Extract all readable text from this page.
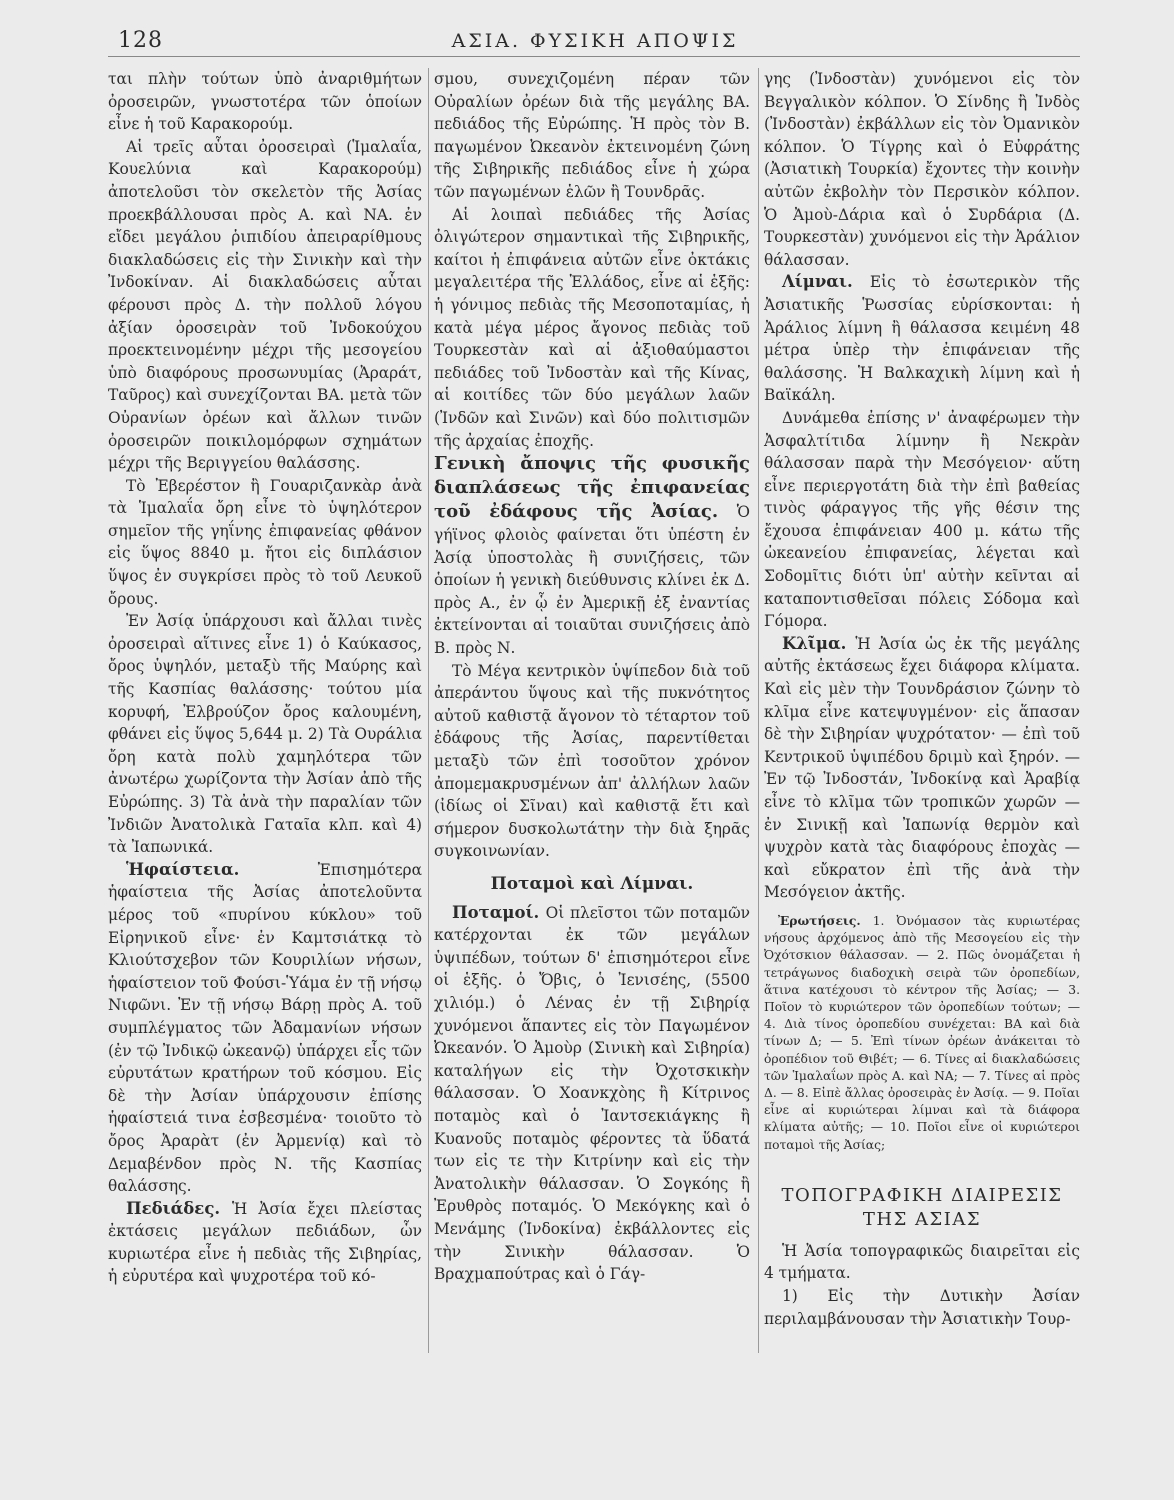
128	ΑΣΙΑ. ΦΥΣΙΚΗ ΑΠΟΨΙΣ

ται πλὴν τούτων ὑπὸ ἀναριθμήτων ὀροσειρῶν, γνωστοτέρα τῶν ὁποίων εἶνε ἡ τοῦ Καρακορούμ.

Αἱ τρεῖς αὗται ὀροσειραὶ (Ἱμαλαΐα, Κουελύνια καὶ Καρακορούμ) ἀποτελοῦσι τὸν σκελετὸν τῆς Ἀσίας προεκβάλλουσαι πρὸς Α. καὶ ΝΑ. ἐν εἴδει μεγάλου ῥιπιδίου ἀπειραρίθμους διακλαδώσεις εἰς τὴν Σινικὴν καὶ τὴν Ἰνδοκίναν. Αἱ διακλαδώσεις αὗται φέρουσι πρὸς Δ. τὴν πολλοῦ λόγου ἀξίαν ὀροσειρὰν τοῦ Ἰνδοκούχου προεκτεινομένην μέχρι τῆς μεσογείου ὑπὸ διαφόρους προσωνυμίας (Ἀραράτ, Ταῦρος) καὶ συνεχίζονται ΒΑ. μετὰ τῶν Οὐρανίων ὀρέων καὶ ἄλλων τινῶν ὀροσειρῶν ποικιλομόρφων σχημάτων μέχρι τῆς Βεριγγείου θαλάσσης.

Τὸ Ἐβερέστον ἢ Γουαριζανκὰρ ἀνὰ τὰ Ἱμαλαΐα ὄρη εἶνε τὸ ὑψηλότερον σημεῖον τῆς γηΐνης ἐπιφανείας φθάνον εἰς ὕψος 8840 μ. ἤτοι εἰς διπλάσιον ὕψος ἐν συγκρίσει πρὸς τὸ τοῦ Λευκοῦ ὄρους.

Ἐν Ἀσίᾳ ὑπάρχουσι καὶ ἄλλαι τινὲς ὀροσειραὶ αἵτινες εἶνε 1) ὁ Καύκασος, ὄρος ὑψηλόν, μεταξὺ τῆς Μαύρης καὶ τῆς Κασπίας θαλάσσης· τούτου μία κορυφή, Ἐλβρούζον ὄρος καλουμένη, φθάνει εἰς ὕψος 5,644 μ. 2) Τὰ Ουράλια ὄρη κατὰ πολὺ χαμηλότερα τῶν ἀνωτέρω χωρίζοντα τὴν Ἀσίαν ἀπὸ τῆς Εὐρώπης. 3) Τὰ ἀνὰ τὴν παραλίαν τῶν Ἰνδιῶν Ἀνατολικὰ Γαταῖα κλπ. καὶ 4) τὰ Ἰαπωνικά.

Ἡφαίστεια. Ἐπισημότερα ἡφαίστεια τῆς Ἀσίας ἀποτελοῦντα μέρος τοῦ «πυρίνου κύκλου» τοῦ Εἰρηνικοῦ εἶνε· ἐν Καμτσιάτκᾳ τὸ Κλιούτσχεβον τῶν Κουριλίων νήσων, ἡφαίστειον τοῦ Φούσι-Ὑάμα ἐν τῇ νήσῳ Νιφῶνι. Ἐν τῇ νήσῳ Βάρῃ πρὸς Α. τοῦ συμπλέγματος τῶν Ἀδαμανίων νήσων (ἐν τῷ Ἰνδικῷ ὠκεανῷ) ὑπάρχει εἷς τῶν εὐρυτάτων κρατήρων τοῦ κόσμου. Εἰς δὲ τὴν Ἀσίαν ὑπάρχουσιν ἐπίσης ἡφαίστειά τινα ἐσβεσμένα· τοιοῦτο τὸ ὄρος Ἀραρὰτ (ἐν Ἀρμενίᾳ) καὶ τὸ Δεμαβένδον πρὸς Ν. τῆς Κασπίας θαλάσσης.

Πεδιάδες. Ἡ Ἀσία ἔχει πλείστας ἐκτάσεις μεγάλων πεδιάδων, ὧν κυριωτέρα εἶνε ἡ πεδιὰς τῆς Σιβηρίας, ἡ εὐρυτέρα καὶ ψυχροτέρα τοῦ κό-

σμου, συνεχιζομένη πέραν τῶν Οὐραλίων ὀρέων διὰ τῆς μεγάλης ΒΑ. πεδιάδος τῆς Εὐρώπης. Ἡ πρὸς τὸν Β. παγωμένον Ὠκεανὸν ἐκτεινομένη ζώνη τῆς Σιβηρικῆς πεδιάδος εἶνε ἡ χώρα τῶν παγωμένων ἑλῶν ἢ Τουνδρᾶς.

Αἱ λοιπαὶ πεδιάδες τῆς Ἀσίας ὀλιγώτερον σημαντικαὶ τῆς Σιβηρικῆς, καίτοι ἡ ἐπιφάνεια αὐτῶν εἶνε ὀκτάκις μεγαλειτέρα τῆς Ἑλλάδος, εἶνε αἱ ἑξῆς: ἡ γόνιμος πεδιὰς τῆς Μεσοποταμίας, ἡ κατὰ μέγα μέρος ἄγονος πεδιὰς τοῦ Τουρκεστὰν καὶ αἱ ἀξιοθαύμαστοι πεδιάδες τοῦ Ἰνδοστὰν καὶ τῆς Κίνας, αἱ κοιτίδες τῶν δύο μεγάλων λαῶν (Ἰνδῶν καὶ Σινῶν) καὶ δύο πολιτισμῶν τῆς ἀρχαίας ἐποχῆς.

Γενικὴ ἄποψις τῆς φυσικῆς διαπλάσεως τῆς ἐπιφανείας τοῦ ἐδάφους τῆς Ἀσίας. Ὁ γήϊνος φλοιὸς φαίνεται ὅτι ὑπέστη ἐν Ἀσίᾳ ὑποστολὰς ἢ συνιζήσεις, τῶν ὁποίων ἡ γενικὴ διεύθυνσις κλίνει ἐκ Δ. πρὸς Α., ἐν ᾧ ἐν Ἀμερικῇ ἐξ ἐναντίας ἐκτείνονται αἱ τοιαῦται συνιζήσεις ἀπὸ Β. πρὸς Ν.

Τὸ Μέγα κεντρικὸν ὑψίπεδον διὰ τοῦ ἀπεράντου ὕψους καὶ τῆς πυκνότητος αὐτοῦ καθιστᾷ ἄγονον τὸ τέταρτον τοῦ ἐδάφους τῆς Ἀσίας, παρεντίθεται μεταξὺ τῶν ἐπὶ τοσοῦτον χρόνον ἀπομεμακρυσμένων ἀπ' ἀλλήλων λαῶν (ἰδίως οἱ Σῖναι) καὶ καθιστᾷ ἔτι καὶ σήμερον δυσκολωτάτην τὴν διὰ ξηρᾶς συγκοινωνίαν.

Ποταμοὶ καὶ Λίμναι.

Ποταμοί. Οἱ πλεῖστοι τῶν ποταμῶν κατέρχονται ἐκ τῶν μεγάλων ὑψιπέδων, τούτων δ' ἐπισημότεροι εἶνε οἱ ἑξῆς. ὁ Ὄβις, ὁ Ἰενισέης, (5500 χιλιόμ.) ὁ Λένας ἐν τῇ Σιβηρίᾳ χυνόμενοι ἅπαντες εἰς τὸν Παγωμένον Ὠκεανόν. Ὁ Ἀμοὺρ (Σινικὴ καὶ Σιβηρία) καταλήγων εἰς τὴν Ὀχοτσκικὴν θάλασσαν. Ὁ Χοανκχὸης ἢ Κίτρινος ποταμὸς καὶ ὁ Ἰαντσεκιάγκης ἢ Κυανοῦς ποταμὸς φέροντες τὰ ὕδατά των εἰς τε τὴν Κιτρίνην καὶ εἰς τὴν Ἀνατολικὴν θάλασσαν. Ὁ Σογκόης ἢ Ἐρυθρὸς ποταμός. Ὁ Μεκόγκης καὶ ὁ Μενάμης (Ἰνδοκίνα) ἐκβάλλοντες εἰς τὴν Σινικὴν θάλασσαν. Ὁ Βραχμαπούτρας καὶ ὁ Γάγ-

γης (Ἰνδοστὰν) χυνόμενοι εἰς τὸν Βεγγαλικὸν κόλπον. Ὁ Σίνδης ἢ Ἰνδὸς (Ἰνδοστὰν) ἐκβάλλων εἰς τὸν Ὀμανικὸν κόλπον. Ὁ Τίγρης καὶ ὁ Εὐφράτης (Ἀσιατικὴ Τουρκία) ἔχοντες τὴν κοινὴν αὐτῶν ἐκβολὴν τὸν Περσικὸν κόλπον. Ὁ Ἀμοὺ-Δάρια καὶ ὁ Συρδάρια (Δ. Τουρκεστὰν) χυνόμενοι εἰς τὴν Ἀράλιον θάλασσαν.

Λίμναι. Εἰς τὸ ἐσωτερικὸν τῆς Ἀσιατικῆς Ῥωσσίας εὑρίσκονται: ἡ Ἀράλιος λίμνη ἢ θάλασσα κειμένη 48 μέτρα ὑπὲρ τὴν ἐπιφάνειαν τῆς θαλάσσης. Ἡ Βαλκαχικὴ λίμνη καὶ ἡ Βαϊκάλη.

Δυνάμεθα ἐπίσης ν' ἀναφέρωμεν τὴν Ἀσφαλτίτιδα λίμνην ἢ Νεκρὰν θάλασσαν παρὰ τὴν Μεσόγειον· αὕτη εἶνε περιεργοτάτη διὰ τὴν ἐπὶ βαθείας τινὸς φάραγγος τῆς γῆς θέσιν της ἔχουσα ἐπιφάνειαν 400 μ. κάτω τῆς ὠκεανείου ἐπιφανείας, λέγεται καὶ Σοδομῖτις διότι ὑπ' αὐτὴν κεῖνται αἱ καταποντισθεῖσαι πόλεις Σόδομα καὶ Γόμορα.

Κλῖμα. Ἡ Ἀσία ὡς ἐκ τῆς μεγάλης αὐτῆς ἐκτάσεως ἔχει διάφορα κλίματα. Καὶ εἰς μὲν τὴν Τουνδράσιον ζώνην τὸ κλῖμα εἶνε κατεψυγμένον· εἰς ἅπασαν δὲ τὴν Σιβηρίαν ψυχρότατον· — ἐπὶ τοῦ Κεντρικοῦ ὑψιπέδου δριμὺ καὶ ξηρόν. — Ἐν τῷ Ἰνδοστάν, Ἰνδοκίνᾳ καὶ Ἀραβίᾳ εἶνε τὸ κλῖμα τῶν τροπικῶν χωρῶν — ἐν Σινικῇ καὶ Ἰαπωνίᾳ θερμὸν καὶ ψυχρὸν κατὰ τὰς διαφόρους ἐποχὰς — καὶ εὔκρατον ἐπὶ τῆς ἀνὰ τὴν Μεσόγειον ἀκτῆς.

Ἐρωτήσεις. 1. Ὀνόμασον τὰς κυριωτέρας νήσους ἀρχόμενος ἀπὸ τῆς Μεσογείου εἰς τὴν Ὀχότσκιον θάλασσαν. — 2. Πῶς ὀνομάζεται ἡ τετράγωνος διαδοχικὴ σειρὰ τῶν ὀροπεδίων, ἅτινα κατέχουσι τὸ κέντρον τῆς Ἀσίας; — 3. Ποῖον τὸ κυριώτερον τῶν ὀροπεδίων τούτων; — 4. Διὰ τίνος ὀροπεδίου συνέχεται: ΒΑ καὶ διὰ τίνων Δ; — 5. Ἐπὶ τίνων ὀρέων ἀνάκειται τὸ ὀροπέδιον τοῦ Θιβέτ; — 6. Τίνες αἱ διακλαδώσεις τῶν Ἱμαλαΐων πρὸς Α. καὶ ΝΑ; — 7. Τίνες αἱ πρὸς Δ. — 8. Εἰπὲ ἄλλας ὀροσειρὰς ἐν Ἀσίᾳ. — 9. Ποῖαι εἶνε αἱ κυριώτεραι λίμναι καὶ τὰ διάφορα κλίματα αὐτῆς; — 10. Ποῖοι εἶνε οἱ κυριώτεροι ποταμοὶ τῆς Ἀσίας;

ΤΟΠΟΓΡΑΦΙΚΗ ΔΙΑΙΡΕΣΙΣ
ΤΗΣ ΑΣΙΑΣ

Ἡ Ἀσία τοπογραφικῶς διαιρεῖται εἰς 4 τμήματα.

1) Εἰς τὴν Δυτικὴν Ἀσίαν περιλαμβάνουσαν τὴν Ἀσιατικὴν Τουρ-
